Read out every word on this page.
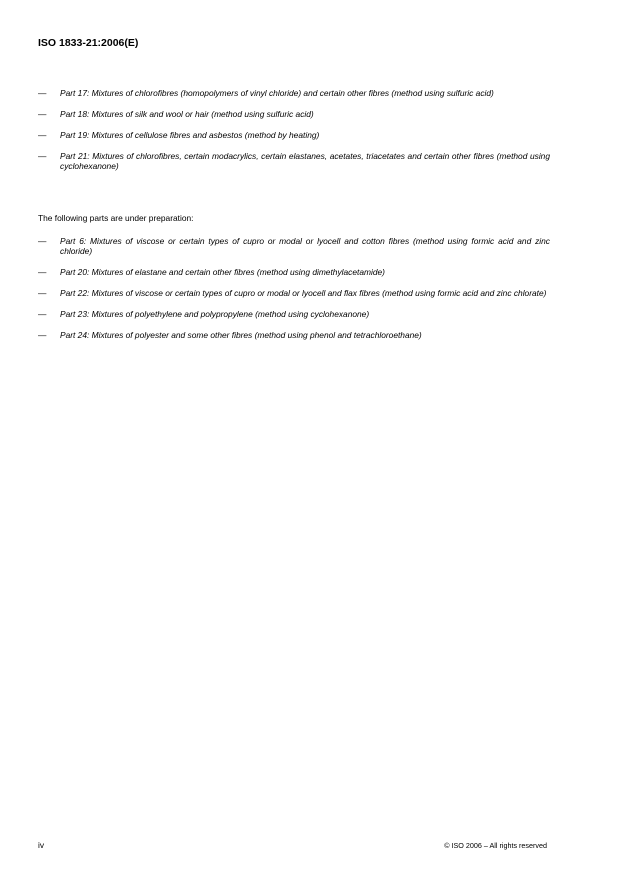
ISO 1833-21:2006(E)
— Part 17: Mixtures of chlorofibres (homopolymers of vinyl chloride) and certain other fibres (method using sulfuric acid)
— Part 18: Mixtures of silk and wool or hair (method using sulfuric acid)
— Part 19: Mixtures of cellulose fibres and asbestos (method by heating)
— Part 21: Mixtures of chlorofibres, certain modacrylics, certain elastanes, acetates, triacetates and certain other fibres (method using cyclohexanone)
The following parts are under preparation:
— Part 6: Mixtures of viscose or certain types of cupro or modal or lyocell and cotton fibres (method using formic acid and zinc chloride)
— Part 20: Mixtures of elastane and certain other fibres (method using dimethylacetamide)
— Part 22: Mixtures of viscose or certain types of cupro or modal or lyocell and flax fibres (method using formic acid and zinc chlorate)
— Part 23: Mixtures of polyethylene and polypropylene (method using cyclohexanone)
— Part 24: Mixtures of polyester and some other fibres (method using phenol and tetrachloroethane)
iv	© ISO 2006 – All rights reserved
